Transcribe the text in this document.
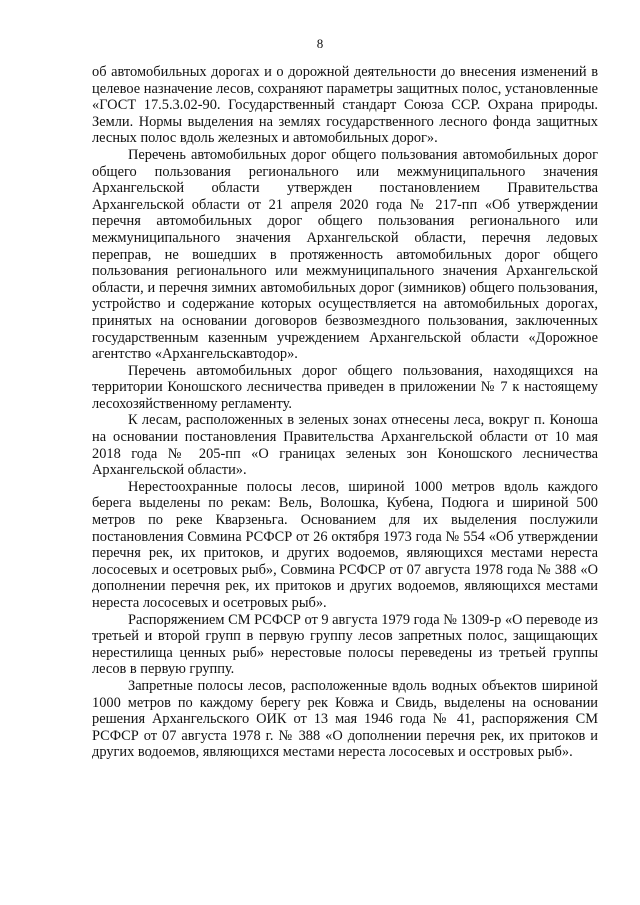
8

об автомобильных дорогах и о дорожной деятельности до внесения изменений в целевое назначение лесов, сохраняют параметры защитных полос, установленные «ГОСТ 17.5.3.02-90. Государственный стандарт Союза ССР. Охрана природы. Земли. Нормы выделения на землях государственного лесного фонда защитных лесных полос вдоль железных и автомобильных дорог».

Перечень автомобильных дорог общего пользования автомобильных дорог общего пользования регионального или межмуниципального значения Архангельской области утвержден постановлением Правительства Архангельской области от 21 апреля 2020 года № 217-пп «Об утверждении перечня автомобильных дорог общего пользования регионального или межмуниципального значения Архангельской области, перечня ледовых переправ, не вошедших в протяженность автомобильных дорог общего пользования регионального или межмуниципального значения Архангельской области, и перечня зимних автомобильных дорог (зимников) общего пользования, устройство и содержание которых осуществляется на автомобильных дорогах, принятых на основании договоров безвозмездного пользования, заключенных государственным казенным учреждением Архангельской области «Дорожное агентство «Архангельскавтодор».

Перечень автомобильных дорог общего пользования, находящихся на территории Коношского лесничества приведен в приложении № 7 к настоящему лесохозяйственному регламенту.

К лесам, расположенных в зеленых зонах отнесены леса, вокруг п. Коноша на основании постановления Правительства Архангельской области от 10 мая 2018 года № 205-пп «О границах зеленых зон Коношского лесничества Архангельской области».

Нерестоохранные полосы лесов, шириной 1000 метров вдоль каждого берега выделены по рекам: Вель, Волошка, Кубена, Подюга и шириной 500 метров по реке Кварзеньга. Основанием для их выделения послужили постановления Совмина РСФСР от 26 октября 1973 года № 554 «Об утверждении перечня рек, их притоков, и других водоемов, являющихся местами нереста лососевых и осетровых рыб», Совмина РСФСР от 07 августа 1978 года № 388 «О дополнении перечня рек, их притоков и других водоемов, являющихся местами нереста лососевых и осетровых рыб».

Распоряжением СМ РСФСР от 9 августа 1979 года № 1309-р «О переводе из третьей и второй групп в первую группу лесов запретных полос, защищающих нерестилища ценных рыб» нерестовые полосы переведены из третьей группы лесов в первую группу.

Запретные полосы лесов, расположенные вдоль водных объектов шириной 1000 метров по каждому берегу рек Ковжа и Свидь, выделены на основании решения Архангельского ОИК от 13 мая 1946 года № 41, распоряжения СМ РСФСР от 07 августа 1978 г. № 388 «О дополнении перечня рек, их притоков и других водоемов, являющихся местами нереста лососевых и осстровых рыб».
